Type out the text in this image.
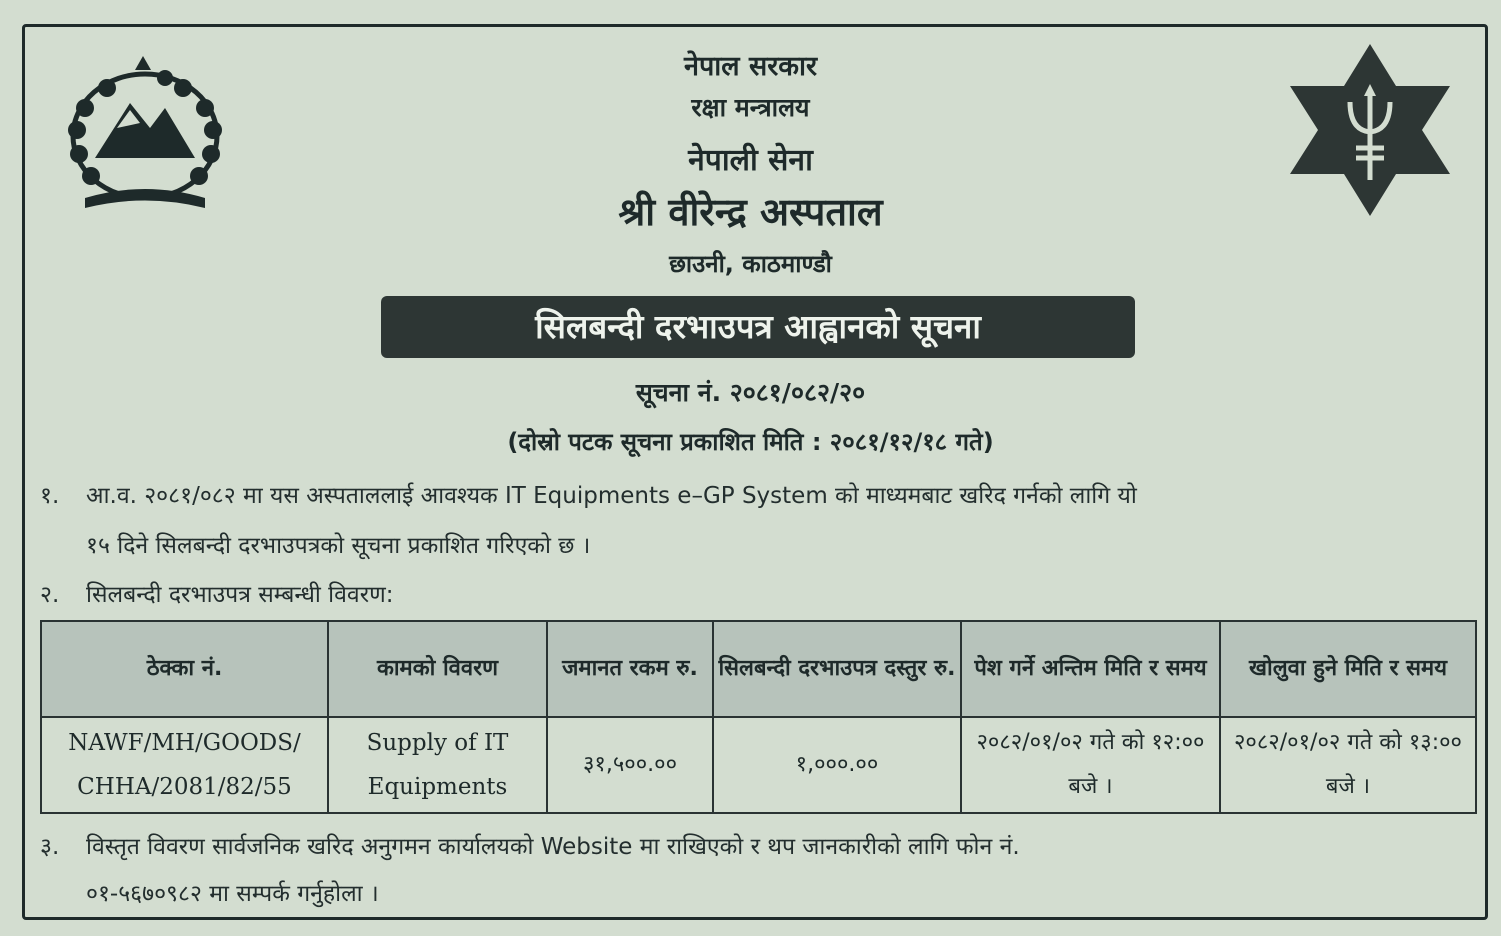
नेपाल सरकार
रक्षा मन्त्रालय
नेपाली सेना
श्री वीरेन्द्र अस्पताल
छाउनी, काठमाण्डौ
सिलबन्दी दरभाउपत्र आह्वानको सूचना
सूचना नं. २०८१/०८२/२०
(दोस्रो पटक सूचना प्रकाशित मिति : २०८१/१२/१८ गते)
१. आ.व. २०८१/०८२ मा यस अस्पताललाई आवश्यक IT Equipments e–GP System को माध्यमबाट खरिद गर्नको लागि यो
१५ दिने सिलबन्दी दरभाउपत्रको सूचना प्रकाशित गरिएको छ ।
२. सिलबन्दी दरभाउपत्र सम्बन्धी विवरण:
ठेक्का नं.	कामको विवरण	जमानत रकम रु.	सिलबन्दी दरभाउपत्र दस्तुर रु.	पेश गर्ने अन्तिम मिति र समय	खोलुवा हुने मिति र समय
NAWF/MH/GOODS/ CHHA/2081/82/55	Supply of IT Equipments	३१,५००.००	१,०००.००	२०८२/०१/०२ गते को १२:०० बजे ।	२०८२/०१/०२ गते को १३:०० बजे ।
३. विस्तृत विवरण सार्वजनिक खरिद अनुगमन कार्यालयको Website मा राखिएको र थप जानकारीको लागि फोन नं.
०१-५६७०९८२ मा सम्पर्क गर्नुहोला ।
